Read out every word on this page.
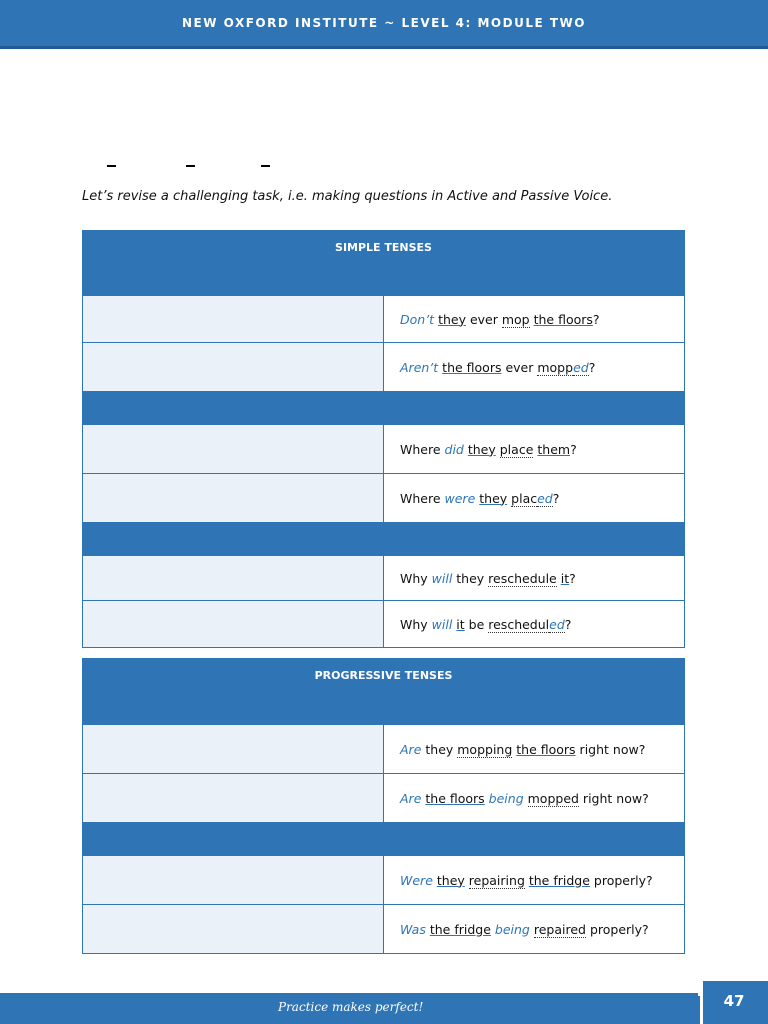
NEW OXFORD INSTITUTE ~ LEVEL 4: MODULE TWO
Let’s revise a challenging task, i.e. making questions in Active and Passive Voice.
SIMPLE TENSES	

	Don’t they ever mop the floors?
	Aren’t the floors ever mopped?

	Where did they place them?
	Where were they placed?

	Why will they reschedule it?
	Why will it be rescheduled?
PROGRESSIVE TENSES	

	Are they mopping the floors right now?
	Are the floors being mopped right now?

	Were they repairing the fridge properly?
	Was the fridge being repaired properly?
Practice makes perfect!	47
